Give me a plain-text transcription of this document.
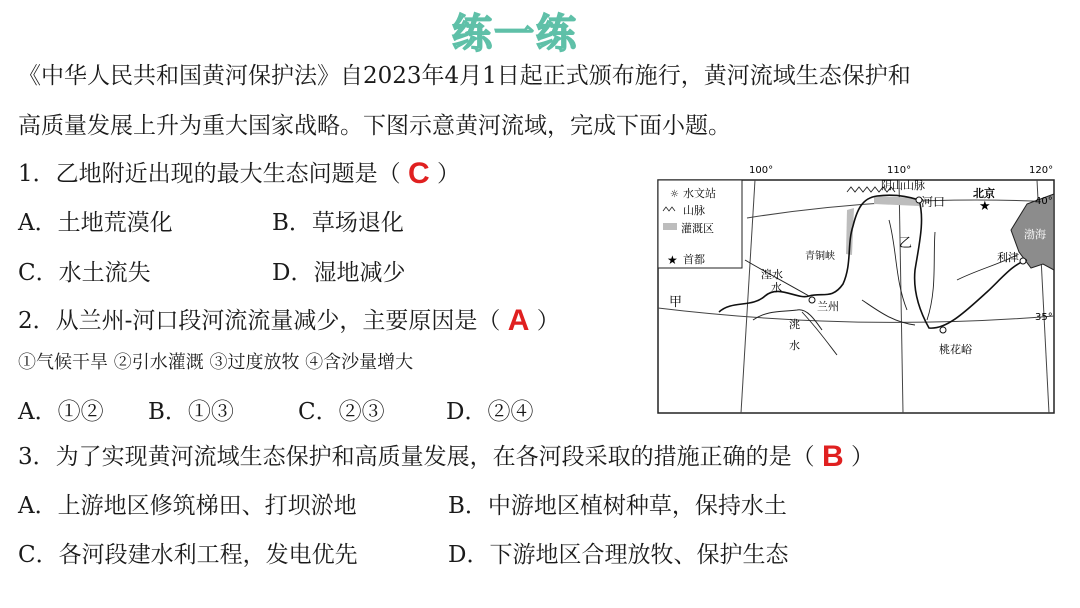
练一练
《中华人民共和国黄河保护法》自2023年4月1日起正式颁布施行，黄河流域生态保护和
高质量发展上升为重大国家战略。下图示意黄河流域，完成下面小题。
1．乙地附近出现的最大生态问题是（ C ）
A．土地荒漠化	B．草场退化
C．水土流失	D．湿地减少
2．从兰州-河口段河流流量减少，主要原因是（ A ）
①气候干旱 ②引水灌溉 ③过度放牧 ④含沙量增大
A．①② B．①③	C．②③	D．②④
3．为了实现黄河流域生态保护和高质量发展，在各河段采取的措施正确的是（ B ）
A．上游地区修筑梯田、打坝淤地	B．中游地区植树种草，保持水土
C．各河段建水利工程，发电优先	D．下游地区合理放牧、保护生态
☼ 水文站
山脉
灌溉区
★ 首都
100°	110°	120°
40°
35°
阴山山脉
北京
★
河口
渤海
青铜峡
乙
利津
湟水
水
兰州
甲
洮
水	桃花峪
